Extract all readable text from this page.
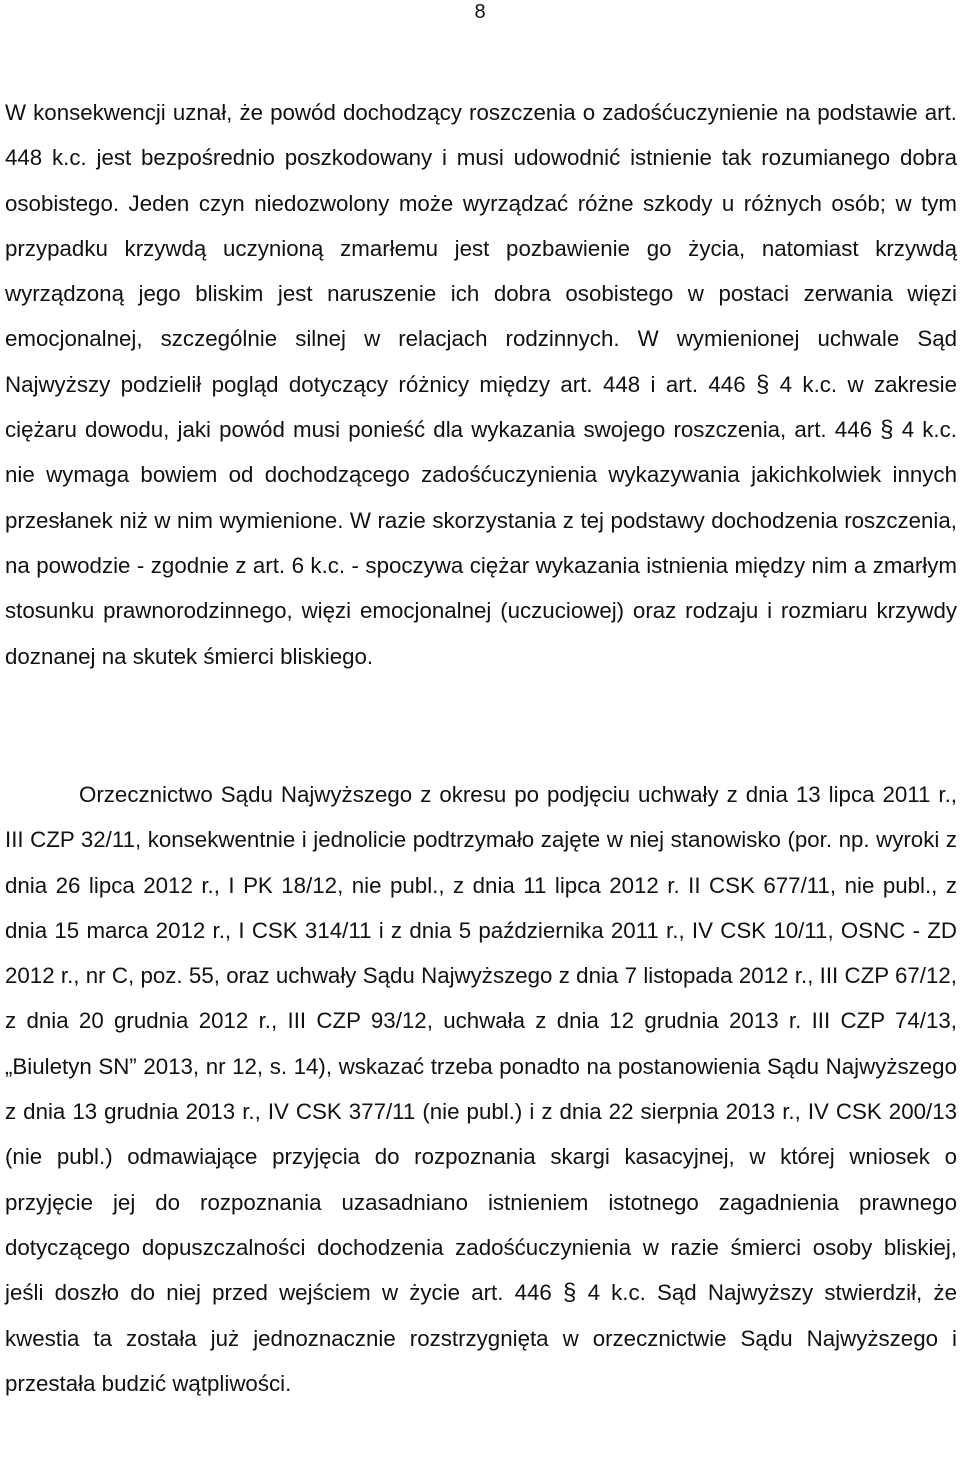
8

W konsekwencji uznał, że powód dochodzący roszczenia o zadośćuczynienie na podstawie art. 448 k.c. jest bezpośrednio poszkodowany i musi udowodnić istnienie tak rozumianego dobra osobistego. Jeden czyn niedozwolony może wyrządzać różne szkody u różnych osób; w tym przypadku krzywdą uczynioną zmarłemu jest pozbawienie go życia, natomiast krzywdą wyrządzoną jego bliskim jest naruszenie ich dobra osobistego w postaci zerwania więzi emocjonalnej, szczególnie silnej w relacjach rodzinnych. W wymienionej uchwale Sąd Najwyższy podzielił pogląd dotyczący różnicy między art. 448 i art. 446 § 4 k.c. w zakresie ciężaru dowodu, jaki powód musi ponieść dla wykazania swojego roszczenia, art. 446 § 4 k.c. nie wymaga bowiem od dochodzącego zadośćuczynienia wykazywania jakichkolwiek innych przesłanek niż w nim wymienione. W razie skorzystania z tej podstawy dochodzenia roszczenia, na powodzie - zgodnie z art. 6 k.c. - spoczywa ciężar wykazania istnienia między nim a zmarłym stosunku prawnorodzinnego, więzi emocjonalnej (uczuciowej) oraz rodzaju i rozmiaru krzywdy doznanej na skutek śmierci bliskiego.

Orzecznictwo Sądu Najwyższego z okresu po podjęciu uchwały z dnia 13 lipca 2011 r., III CZP 32/11, konsekwentnie i jednolicie podtrzymało zajęte w niej stanowisko (por. np. wyroki z dnia 26 lipca 2012 r., I PK 18/12, nie publ., z dnia 11 lipca 2012 r. II CSK 677/11, nie publ., z dnia 15 marca 2012 r., I CSK 314/11 i z dnia 5 października 2011 r., IV CSK 10/11, OSNC - ZD 2012 r., nr C, poz. 55, oraz uchwały Sądu Najwyższego z dnia 7 listopada 2012 r., III CZP 67/12, z dnia 20 grudnia 2012 r., III CZP 93/12, uchwała z dnia 12 grudnia 2013 r. III CZP 74/13, „Biuletyn SN” 2013, nr 12, s. 14), wskazać trzeba ponadto na postanowienia Sądu Najwyższego z dnia 13 grudnia 2013 r., IV CSK 377/11 (nie publ.) i z dnia 22 sierpnia 2013 r., IV CSK 200/13 (nie publ.) odmawiające przyjęcia do rozpoznania skargi kasacyjnej, w której wniosek o przyjęcie jej do rozpoznania uzasadniano istnieniem istotnego zagadnienia prawnego dotyczącego dopuszczalności dochodzenia zadośćuczynienia w razie śmierci osoby bliskiej, jeśli doszło do niej przed wejściem w życie art. 446 § 4 k.c. Sąd Najwyższy stwierdził, że kwestia ta została już jednoznacznie rozstrzygnięta w orzecznictwie Sądu Najwyższego i przestała budzić wątpliwości.
